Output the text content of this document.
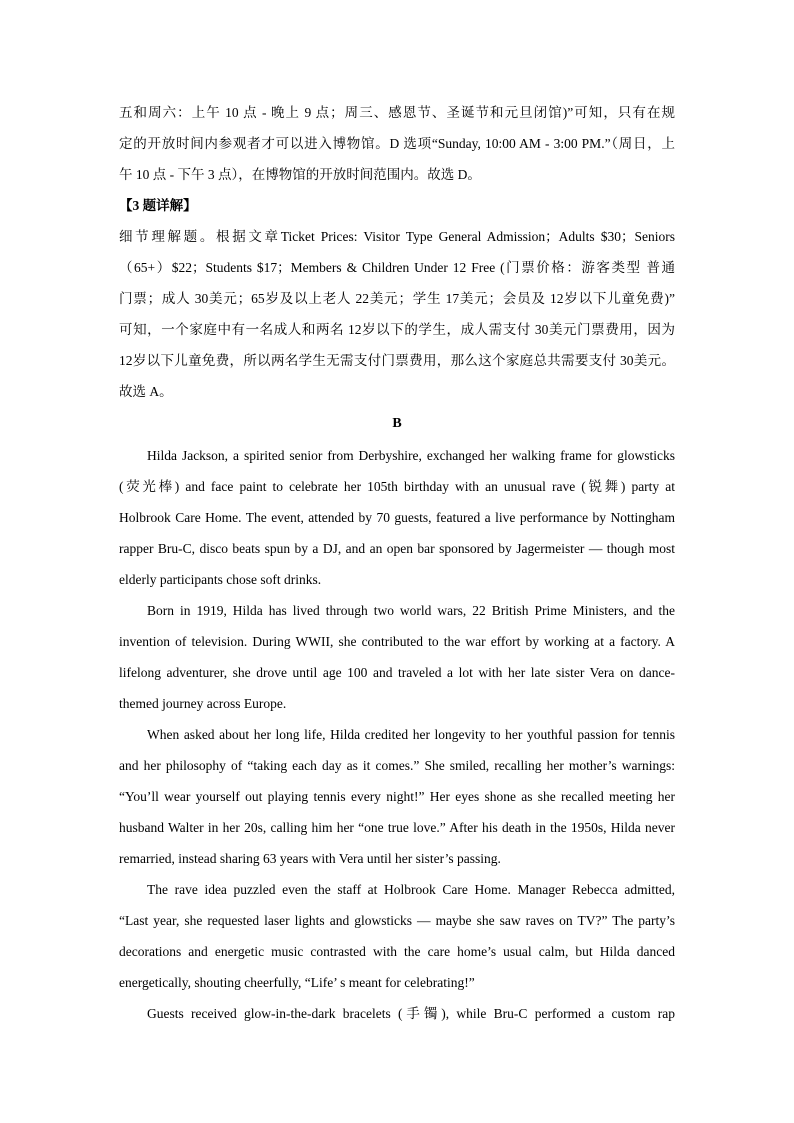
五和周六：上午 10 点 - 晚上 9 点；周三、感恩节、圣诞节和元旦闭馆)”可知，只有在规
定的开放时间内参观者才可以进入博物馆。D 选项“Sunday, 10:00 AM - 3:00 PM.”（周日，上
午 10 点 - 下午 3 点），在博物馆的开放时间范围内。故选 D。
【3 题详解】
细节理解题。根据文章Ticket Prices: Visitor Type General Admission；Adults $30；Seniors
（65+）$22；Students $17；Members & Children Under 12 Free (门票价格：游客类型 普通
门票；成人 30美元；65岁及以上老人 22美元；学生 17美元；会员及 12岁以下儿童免费)”
可知，一个家庭中有一名成人和两名 12岁以下的学生，成人需支付 30美元门票费用，因为
12岁以下儿童免费，所以两名学生无需支付门票费用，那么这个家庭总共需要支付 30美元。
故选 A。
B
Hilda Jackson, a spirited senior from Derbyshire, exchanged her walking frame for glowsticks
(荧光棒) and face paint to celebrate her 105th birthday with an unusual rave (锐舞) party at
Holbrook Care Home. The event, attended by 70 guests, featured a live performance by Nottingham
rapper Bru-C, disco beats spun by a DJ, and an open bar sponsored by Jagermeister — though most
elderly participants chose soft drinks.
Born in 1919, Hilda has lived through two world wars, 22 British Prime Ministers, and the
invention of television. During WWII, she contributed to the war effort by working at a factory. A
lifelong adventurer, she drove until age 100 and traveled a lot with her late sister Vera on dance-
themed journey across Europe.
When asked about her long life, Hilda credited her longevity to her youthful passion for tennis
and her philosophy of “taking each day as it comes.” She smiled, recalling her mother’s warnings:
“You’ll wear yourself out playing tennis every night!” Her eyes shone as she recalled meeting her
husband Walter in her 20s, calling him her “one true love.” After his death in the 1950s, Hilda never
remarried, instead sharing 63 years with Vera until her sister’s passing.
The rave idea puzzled even the staff at Holbrook Care Home. Manager Rebecca admitted,
“Last year, she requested laser lights and glowsticks — maybe she saw raves on TV?” The party’s
decorations and energetic music contrasted with the care home’s usual calm, but Hilda danced
energetically, shouting cheerfully, “Life’ s meant for celebrating!”
Guests received glow-in-the-dark bracelets (手镯), while Bru-C performed a custom rap
